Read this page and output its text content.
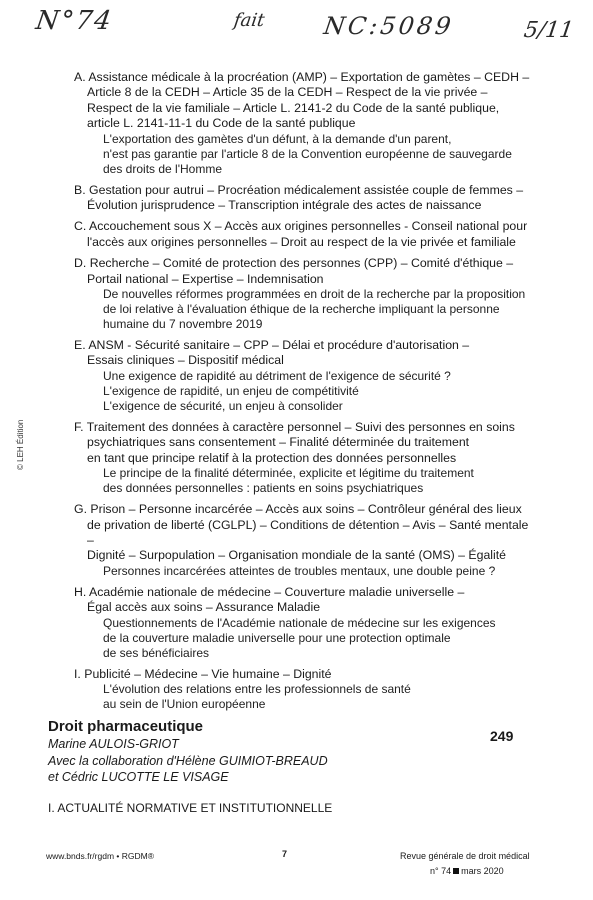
N°74	fait NC:5089	5/11
© LEH Édition
A. Assistance médicale à la procréation (AMP) – Exportation de gamètes – CEDH –
Article 8 de la CEDH – Article 35 de la CEDH – Respect de la vie privée –
Respect de la vie familiale – Article L. 2141-2 du Code de la santé publique,
article L. 2141-11-1 du Code de la santé publique
L'exportation des gamètes d'un défunt, à la demande d'un parent,
n'est pas garantie par l'article 8 de la Convention européenne de sauvegarde
des droits de l'Homme
B. Gestation pour autrui – Procréation médicalement assistée couple de femmes –
Évolution jurisprudence – Transcription intégrale des actes de naissance
C. Accouchement sous X – Accès aux origines personnelles - Conseil national pour
l'accès aux origines personnelles – Droit au respect de la vie privée et familiale
D. Recherche – Comité de protection des personnes (CPP) – Comité d'éthique –
Portail national – Expertise – Indemnisation
De nouvelles réformes programmées en droit de la recherche par la proposition
de loi relative à l'évaluation éthique de la recherche impliquant la personne
humaine du 7 novembre 2019
E. ANSM - Sécurité sanitaire – CPP – Délai et procédure d'autorisation –
Essais cliniques – Dispositif médical
Une exigence de rapidité au détriment de l'exigence de sécurité ?
L'exigence de rapidité, un enjeu de compétitivité
L'exigence de sécurité, un enjeu à consolider
F. Traitement des données à caractère personnel – Suivi des personnes en soins
psychiatriques sans consentement – Finalité déterminée du traitement
en tant que principe relatif à la protection des données personnelles
Le principe de la finalité déterminée, explicite et légitime du traitement
des données personnelles : patients en soins psychiatriques
G. Prison – Personne incarcérée – Accès aux soins – Contrôleur général des lieux
de privation de liberté (CGLPL) – Conditions de détention – Avis – Santé mentale –
Dignité – Surpopulation – Organisation mondiale de la santé (OMS) – Égalité
Personnes incarcérées atteintes de troubles mentaux, une double peine ?
H. Académie nationale de médecine – Couverture maladie universelle –
Égal accès aux soins – Assurance Maladie
Questionnements de l'Académie nationale de médecine sur les exigences
de la couverture maladie universelle pour une protection optimale
de ses bénéficiaires
I. Publicité – Médecine – Vie humaine – Dignité
L'évolution des relations entre les professionnels de santé
au sein de l'Union européenne
Droit pharmaceutique
249
Marine AULOIS-GRIOT
Avec la collaboration d'Hélène GUIMIOT-BREAUD
et Cédric LUCOTTE LE VISAGE
I. ACTUALITÉ NORMATIVE ET INSTITUTIONNELLE
www.bnds.fr/rgdm • RGDM®	7	Revue générale de droit médical
n° 74 mars 2020
